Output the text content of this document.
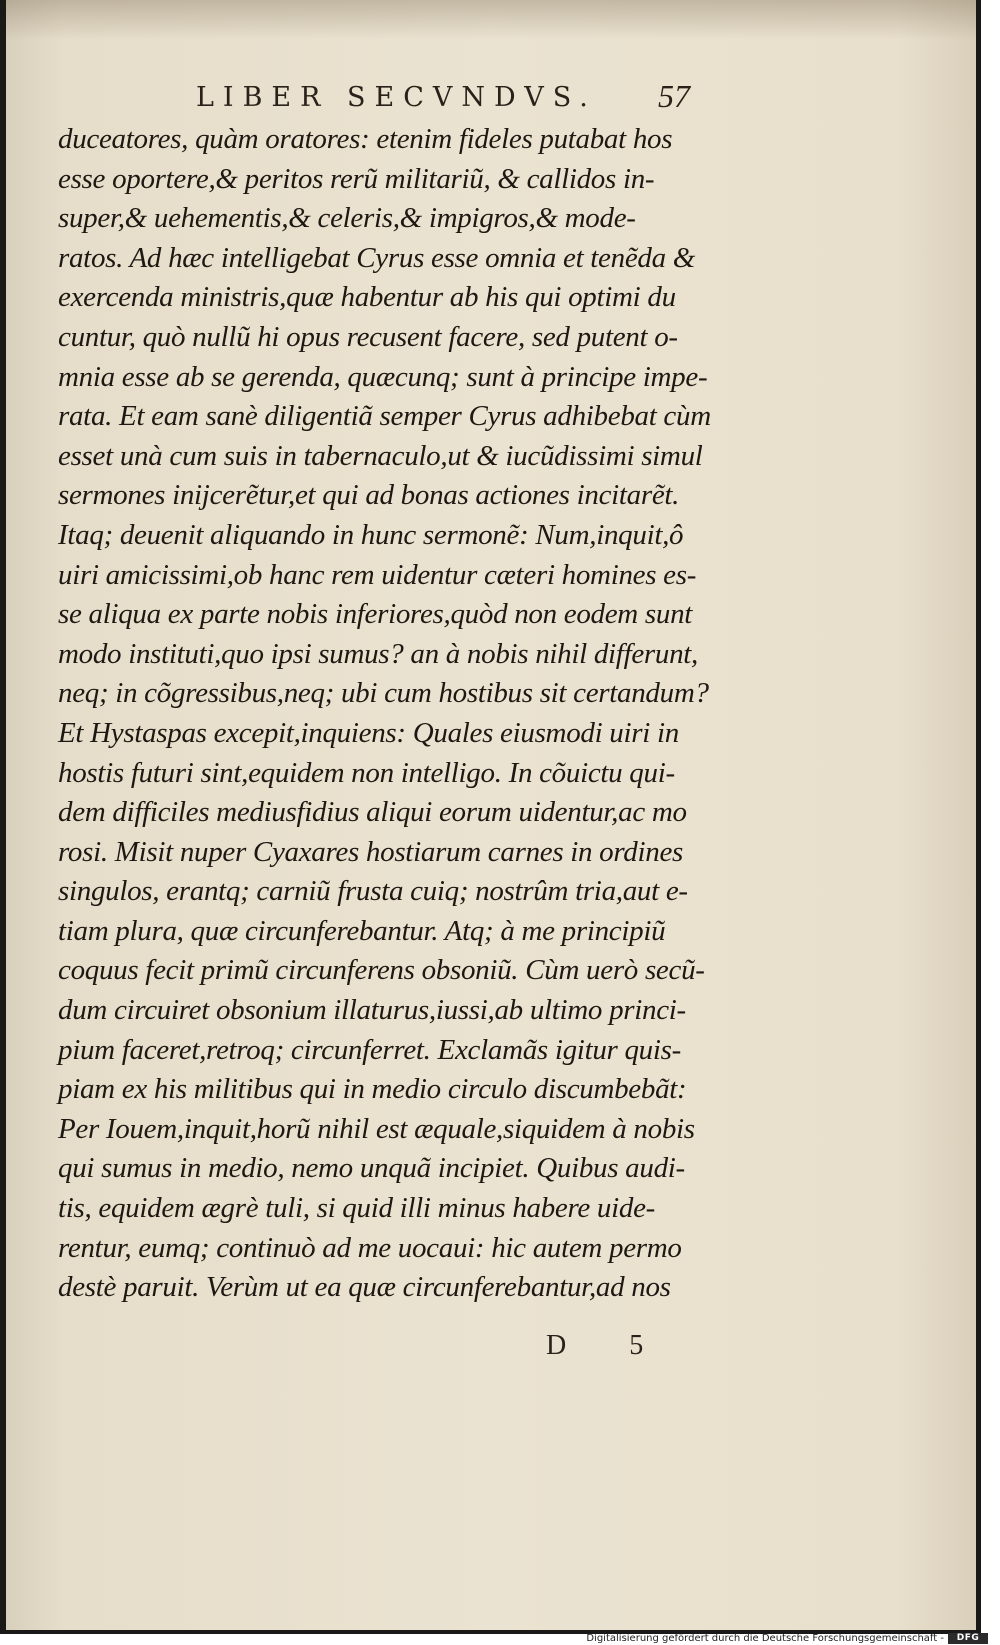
LIBER SECVNDVS. 57
duceatores, quàm oratores: etenim fideles putabat hos
esse oportere,& peritos rerũ militariũ, & callidos in-
super,& uehementis,& celeris,& impigros,& mode-
ratos. Ad hæc intelligebat Cyrus esse omnia et tenẽda &
exercenda ministris,quæ habentur ab his qui optimi du
cuntur, quò nullũ hi opus recusent facere, sed putent o-
mnia esse ab se gerenda, quæcunq; sunt à principe impe-
rata. Et eam sanè diligentiã semper Cyrus adhibebat cùm
esset unà cum suis in tabernaculo,ut & iucũdissimi simul
sermones inijcerẽtur,et qui ad bonas actiones incitarẽt.
Itaq; deuenit aliquando in hunc sermonẽ: Num,inquit,ô
uiri amicissimi,ob hanc rem uidentur cæteri homines es-
se aliqua ex parte nobis inferiores,quòd non eodem sunt
modo instituti,quo ipsi sumus? an à nobis nihil differunt,
neq; in cõgressibus,neq; ubi cum hostibus sit certandum?
Et Hystaspas excepit,inquiens: Quales eiusmodi uiri in
hostis futuri sint,equidem non intelligo. In cõuictu qui-
dem difficiles mediusfidius aliqui eorum uidentur,ac mo
rosi. Misit nuper Cyaxares hostiarum carnes in ordines
singulos, erantq; carniũ frusta cuiq; nostrûm tria,aut e-
tiam plura, quæ circunferebantur. Atq; à me principiũ
coquus fecit primũ circunferens obsoniũ. Cùm uerò secũ-
dum circuiret obsonium illaturus,iussi,ab ultimo princi-
pium faceret,retroq; circunferret. Exclamãs igitur quis-
piam ex his militibus qui in medio circulo discumbebãt:
Per Iouem,inquit,horũ nihil est æquale,siquidem à nobis
qui sumus in medio, nemo unquã incipiet. Quibus audi-
tis, equidem ægrè tuli, si quid illi minus habere uide-
rentur, eumq; continuò ad me uocaui: hic autem permo
destè paruit. Verùm ut ea quæ circunferebantur,ad nos
D 5
Digitalisierung gefördert durch die Deutsche Forschungsgemeinschaft -	DFG
